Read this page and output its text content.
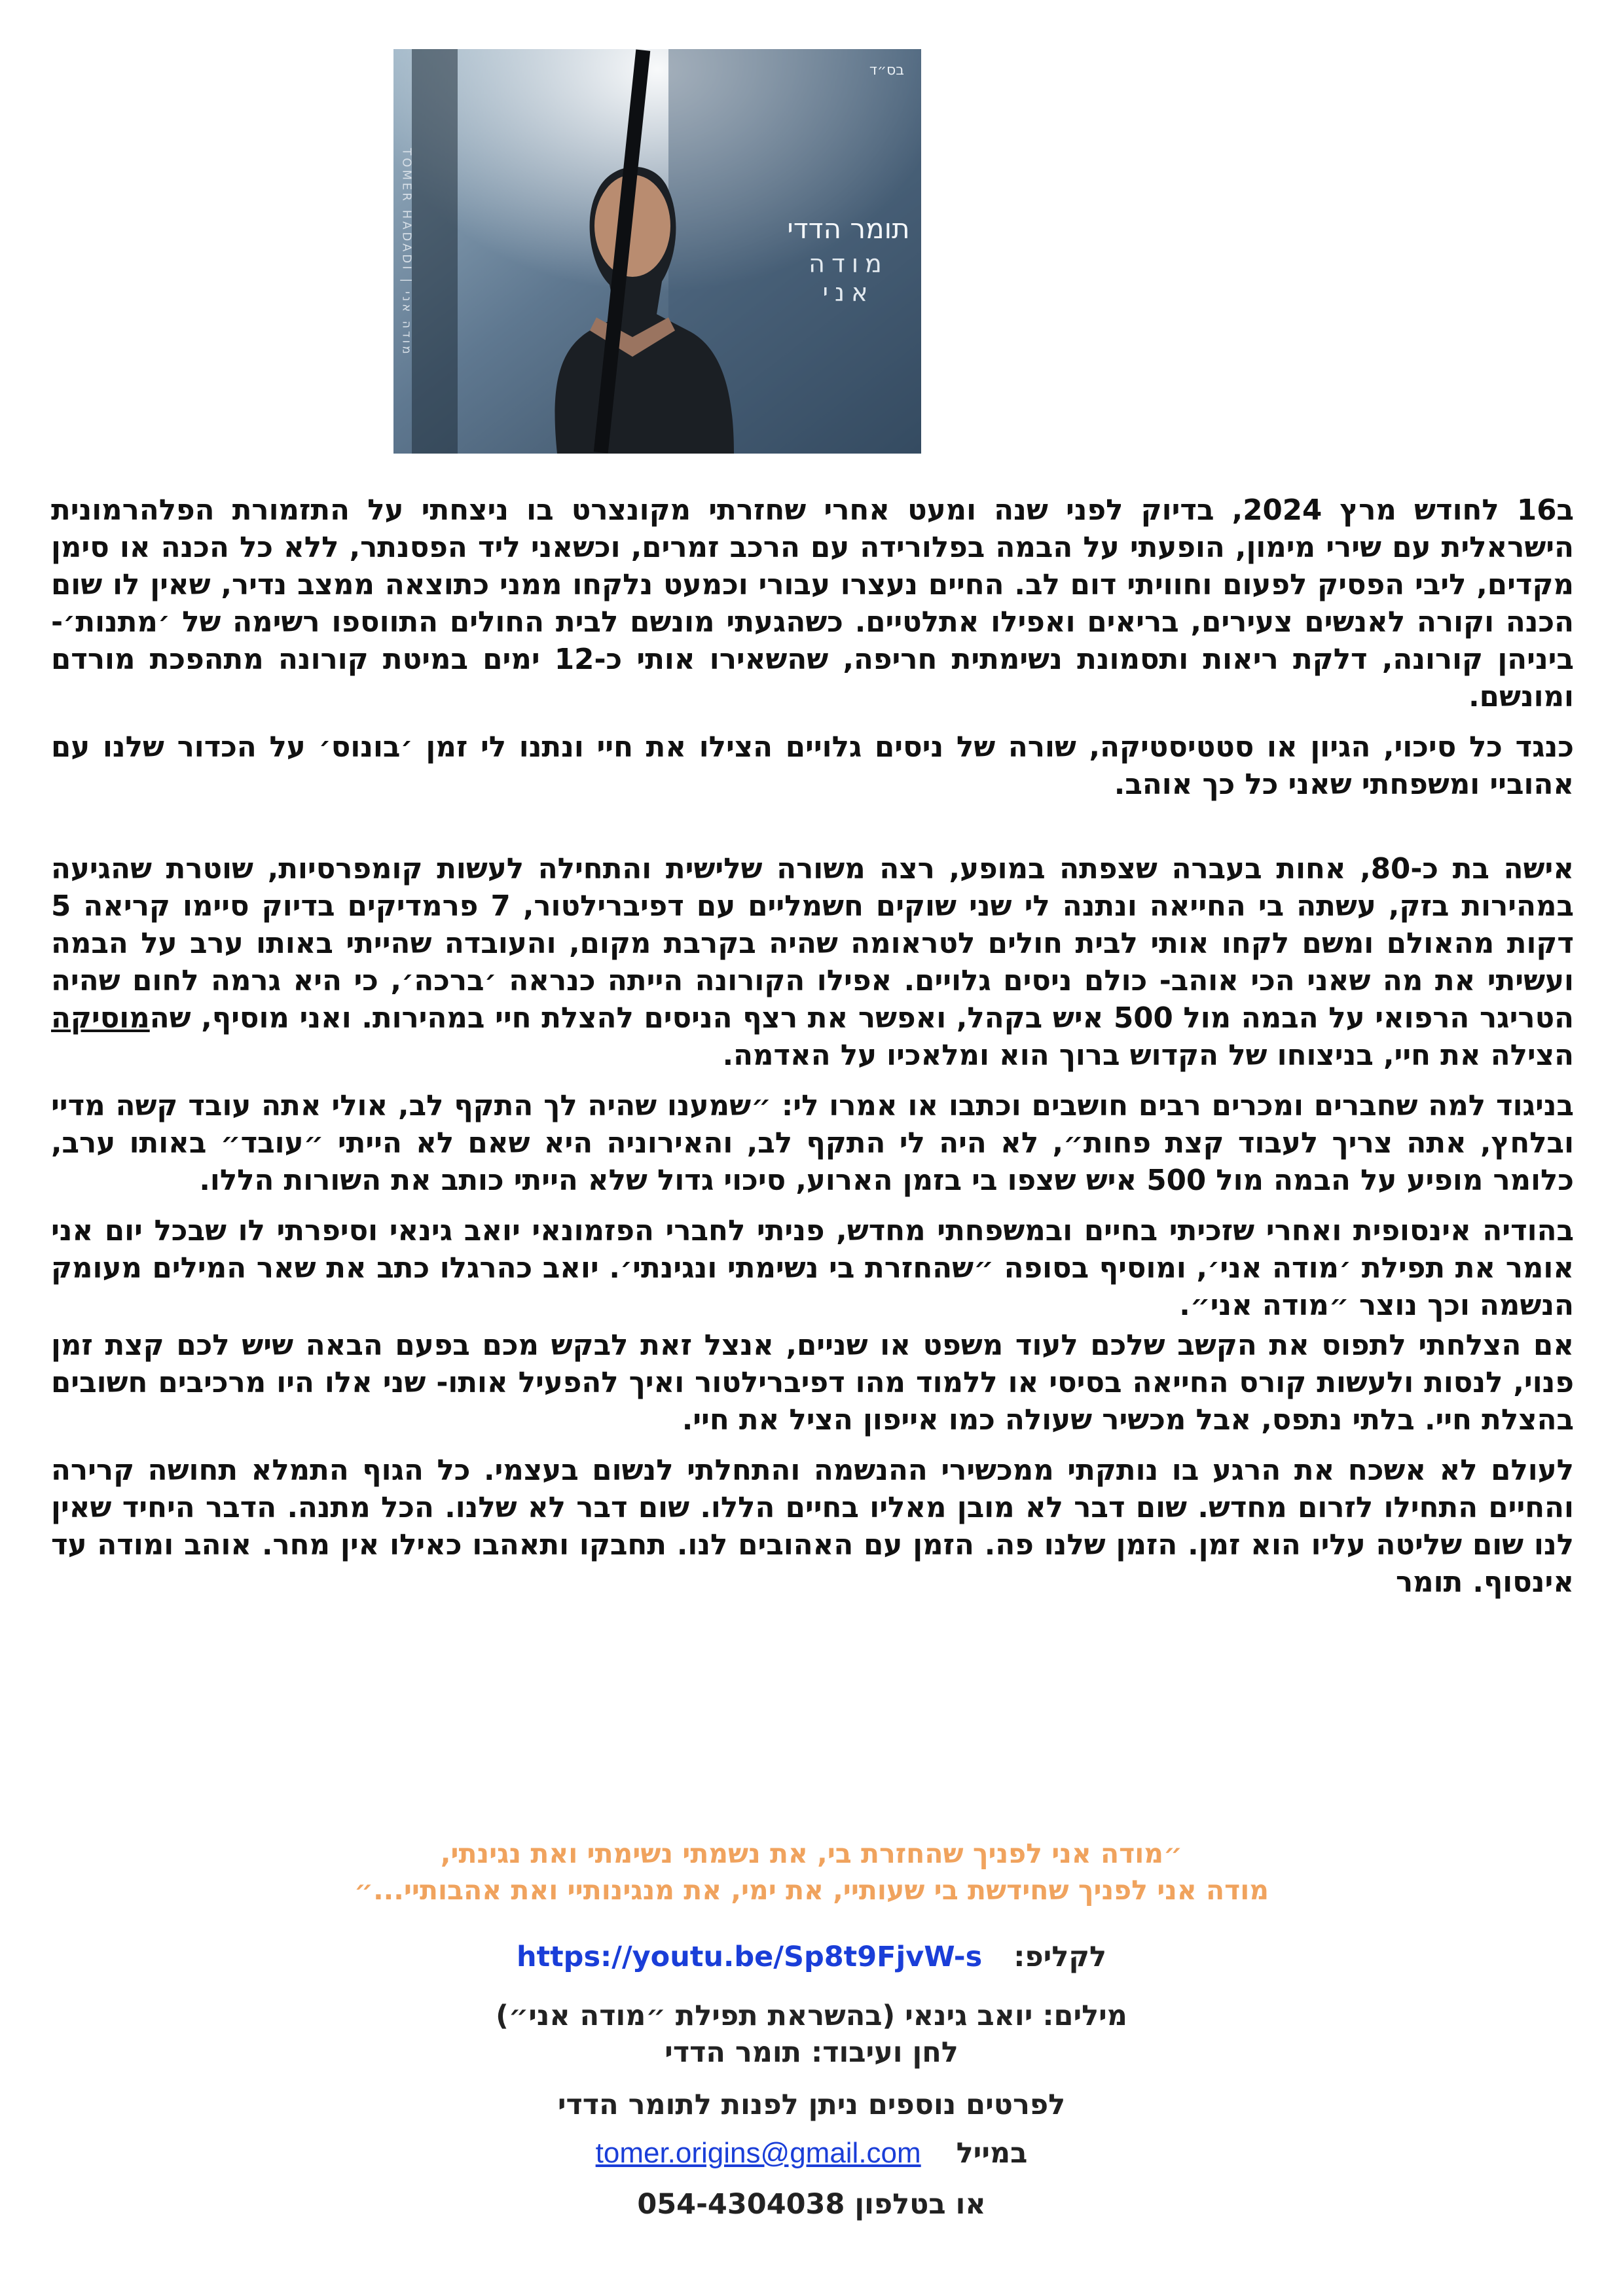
בס״ד
תומר הדדי
מודה אני
TOMER HADADI | מודה אני

ב16 לחודש מרץ 2024, בדיוק לפני שנה ומעט אחרי שחזרתי מקונצרט בו ניצחתי על התזמורת הפלהרמונית הישראלית עם שירי מימון, הופעתי על הבמה בפלורידה עם הרכב זמרים, וכשאני ליד הפסנתר, ללא כל הכנה או סימן מקדים, ליבי הפסיק לפעום וחוויתי דום לב. החיים נעצרו עבורי וכמעט נלקחו ממני כתוצאה ממצב נדיר, שאין לו שום הכנה וקורה לאנשים צעירים, בריאים ואפילו אתלטיים. כשהגעתי מונשם לבית החולים התווספו רשימה של ׳מתנות׳- ביניהן קורונה, דלקת ריאות ותסמונת נשימתית חריפה, שהשאירו אותי כ-12 ימים במיטת קורונה מתהפכת מורדם ומונשם.

כנגד כל סיכוי, הגיון או סטטיסטיקה, שורה של ניסים גלויים הצילו את חיי ונתנו לי זמן ׳בונוס׳ על הכדור שלנו עם אהוביי ומשפחתי שאני כל כך אוהב.

אישה בת כ-80, אחות בעברה שצפתה במופע, רצה משורה שלישית והתחילה לעשות קומפרסיות, שוטרת שהגיעה במהירות בזק, עשתה בי החייאה ונתנה לי שני שוקים חשמליים עם דפיברילטור, 7 פרמדיקים בדיוק סיימו קריאה 5 דקות מהאולם ומשם לקחו אותי לבית חולים לטראומה שהיה בקרבת מקום, והעובדה שהייתי באותו ערב על הבמה ועשיתי את מה שאני הכי אוהב- כולם ניסים גלויים. אפילו הקורונה הייתה כנראה ׳ברכה׳, כי היא גרמה לחום שהיה הטריגר הרפואי על הבמה מול 500 איש בקהל, ואפשר את רצף הניסים להצלת חיי במהירות. ואני מוסיף, שהמוסיקה הצילה את חיי, בניצוחו של הקדוש ברוך הוא ומלאכיו על האדמה.

בניגוד למה שחברים ומכרים רבים חושבים וכתבו או אמרו לי: ״שמענו שהיה לך התקף לב, אולי אתה עובד קשה מדיי ובלחץ, אתה צריך לעבוד קצת פחות״, לא היה לי התקף לב, והאירוניה היא שאם לא הייתי ״עובד״ באותו ערב, כלומר מופיע על הבמה מול 500 איש שצפו בי בזמן הארוע, סיכוי גדול שלא הייתי כותב את השורות הללו.

בהודיה אינסופית ואחרי שזכיתי בחיים ובמשפחתי מחדש, פניתי לחברי הפזמונאי יואב גינאי וסיפרתי לו שבכל יום אני אומר את תפילת ׳מודה אני׳, ומוסיף בסופה ״שהחזרת בי נשימתי ונגינתי׳. יואב כהרגלו כתב את שאר המילים מעומק הנשמה וכך נוצר ״מודה אני״.

אם הצלחתי לתפוס את הקשב שלכם לעוד משפט או שניים, אנצל זאת לבקש מכם בפעם הבאה שיש לכם קצת זמן פנוי, לנסות ולעשות קורס החייאה בסיסי או ללמוד מהו דפיברילטור ואיך להפעיל אותו- שני אלו היו מרכיבים חשובים בהצלת חיי. בלתי נתפס, אבל מכשיר שעולה כמו אייפון הציל את חיי.

לעולם לא אשכח את הרגע בו נותקתי ממכשירי ההנשמה והתחלתי לנשום בעצמי. כל הגוף התמלא תחושה קרירה והחיים התחילו לזרום מחדש. שום דבר לא מובן מאליו בחיים הללו. שום דבר לא שלנו. הכל מתנה. הדבר היחיד שאין לנו שום שליטה עליו הוא זמן. הזמן שלנו פה. הזמן עם האהובים לנו. תחבקו ותאהבו כאילו אין מחר. אוהב ומודה עד אינסוף. תומר

״מודה אני לפניך שהחזרת בי, את נשמתי נשימתי ואת נגינתי,
מודה אני לפניך שחידשת בי שעותיי, את ימי, את מנגינותיי ואת אהבותיי...״
לקליפ:  https://youtu.be/Sp8t9FjvW-s
מילים: יואב גינאי (בהשראת תפילת ״מודה אני״)
לחן ועיבוד: תומר הדדי
לפרטים נוספים ניתן לפנות לתומר הדדי
במייל  tomer.origins@gmail.com
או בטלפון 054-4304038
